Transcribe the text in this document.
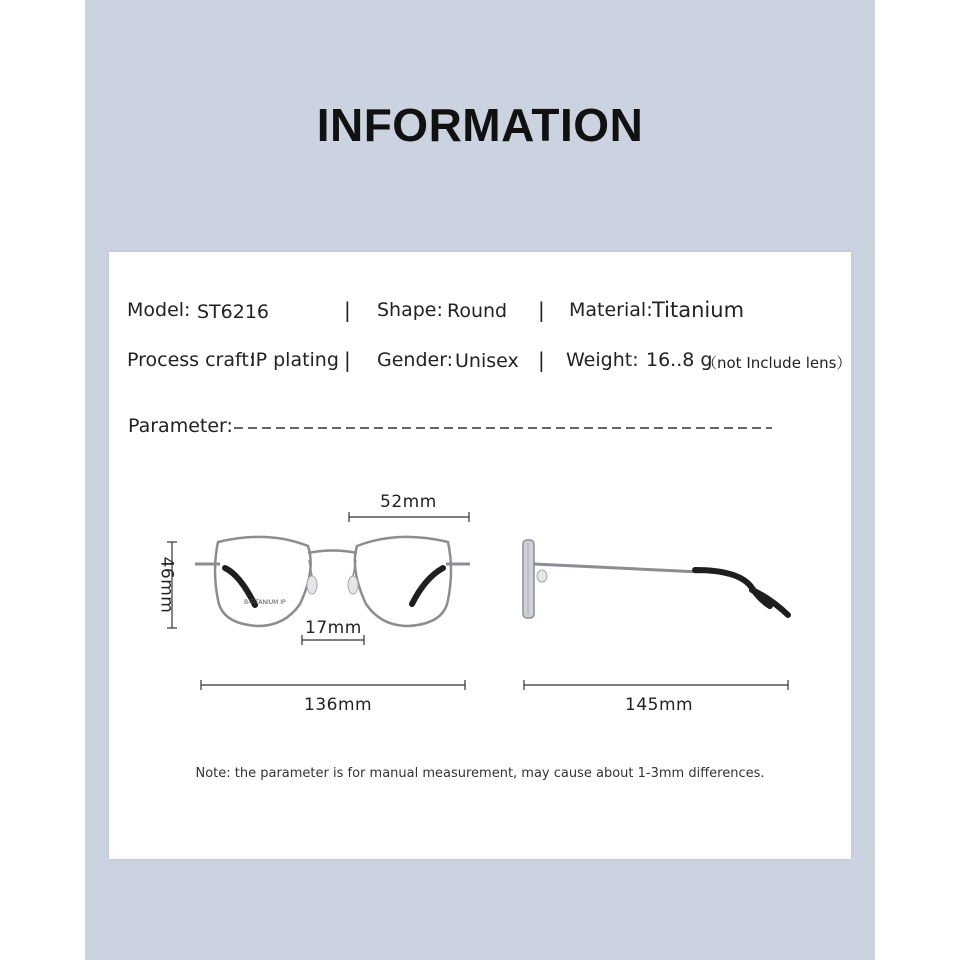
INFORMATION
Model: ST6216	| Shape: Round | Material: Titanium
Process craft:
IP plating | Gender: Unisex | Weight: 16..8 g
（not Include lens）
Parameter:
B-TITANIUM IP
52mm
46mm
17mm
136mm	145mm
Note: the parameter is for manual measurement, may cause about 1-3mm differences.
